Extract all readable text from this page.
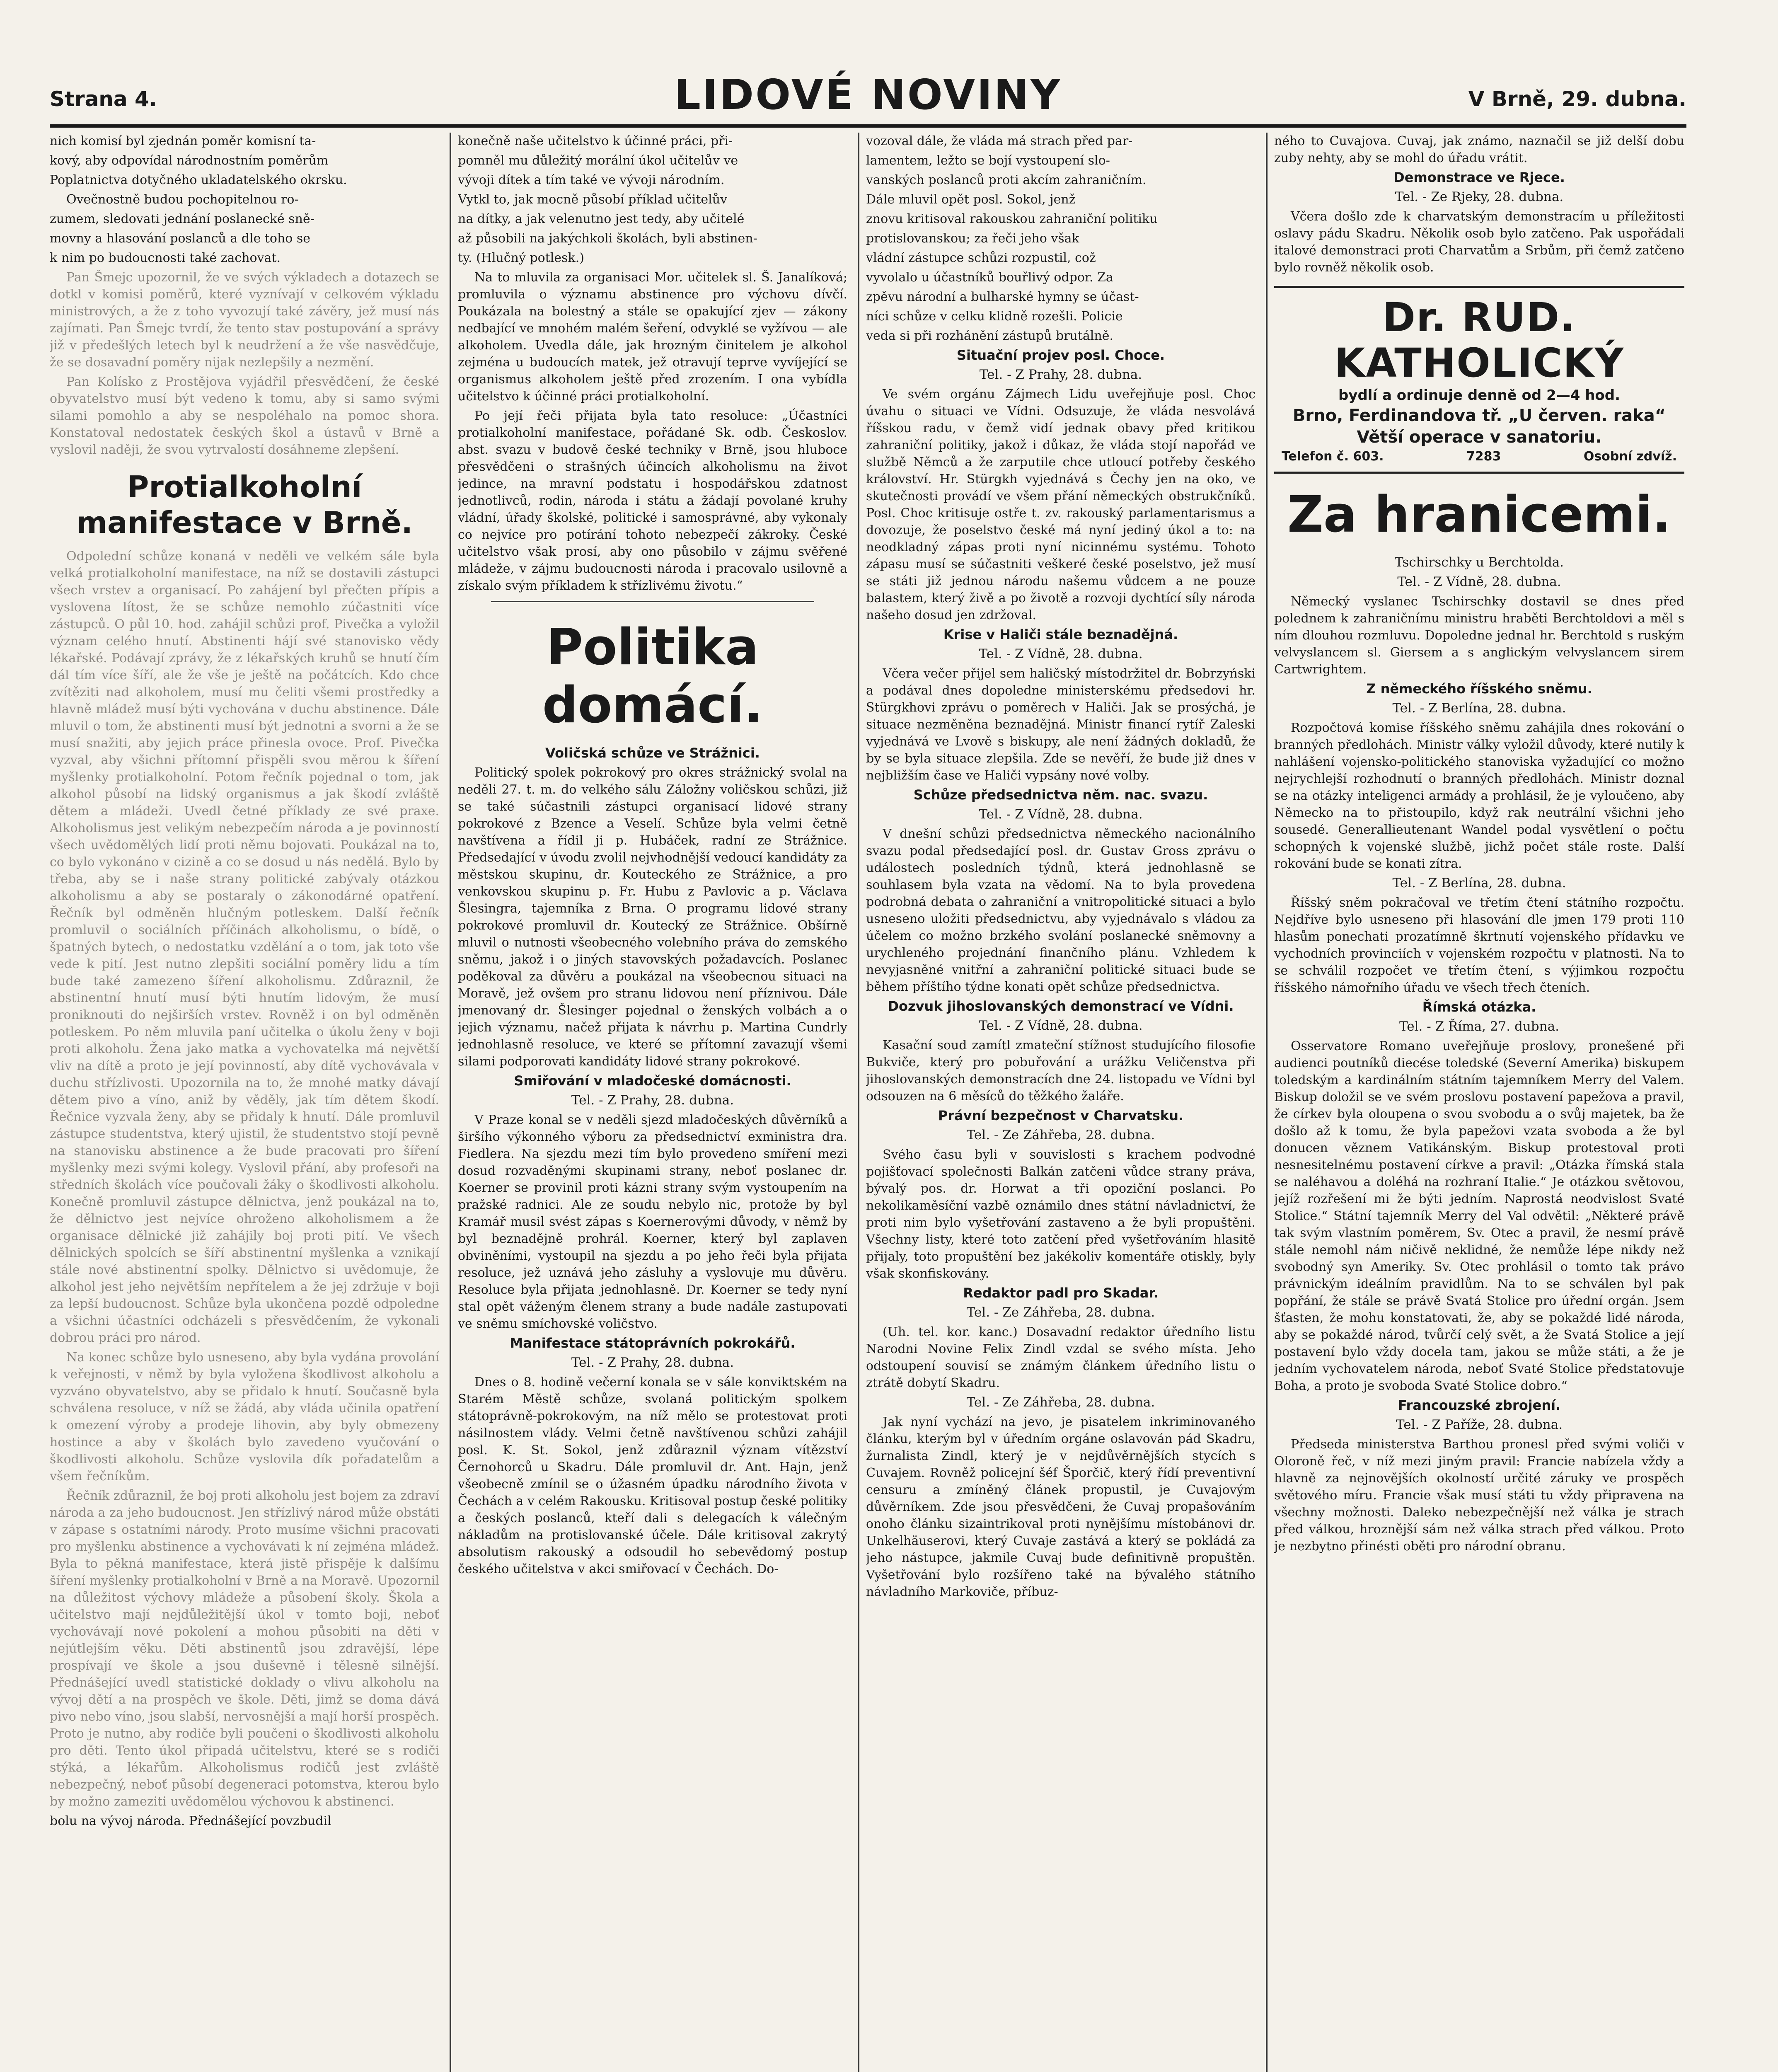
Strana 4.	LIDOVÉ NOVINY	V Brně, 29. dubna.

nich komisí byl zjednán poměr komisní ta-

kový, aby odpovídal národnostním poměrům

Poplatnictva dotyčného ukladatelského okrsku.

Ovečnostně budou pochopitelnou ro-

zumem, sledovati jednání poslanecké sně-

movny a hlasování poslanců a dle toho se

k nim po budoucnosti také zachovat.

Pan Šmejc upozornil, že ve svých výkladech a dotazech se dotkl v komisi poměrů, které vyznívají v celkovém výkladu ministrových, a že z toho vyvozují také závěry, jež musí nás zajímati. Pan Šmejc tvrdí, že tento stav postupování a správy již v předešlých letech byl k neudržení a že vše nasvědčuje, že se dosavadní poměry nijak nezlepšily a nezmění.

Pan Kolísko z Prostějova vyjádřil přesvědčení, že české obyvatelstvo musí být vedeno k tomu, aby si samo svými silami pomohlo a aby se nespoléhalo na pomoc shora. Konstatoval nedostatek českých škol a ústavů v Brně a vyslovil naději, že svou vytrvalostí dosáhneme zlepšení.

Protialkoholní manifestace v Brně.

Odpolední schůze konaná v neděli ve velkém sále byla velká protialkoholní manifestace, na níž se dostavili zástupci všech vrstev a organisací. Po zahájení byl přečten přípis a vyslovena lítost, že se schůze nemohlo zúčastniti více zástupců. O půl 10. hod. zahájil schůzi prof. Pivečka a vyložil význam celého hnutí. Abstinenti hájí své stanovisko vědy lékařské. Podávají zprávy, že z lékařských kruhů se hnutí čím dál tím více šíří, ale že vše je ještě na počátcích. Kdo chce zvítěziti nad alkoholem, musí mu čeliti všemi prostředky a hlavně mládež musí býti vychována v duchu abstinence. Dále mluvil o tom, že abstinenti musí být jednotni a svorni a že se musí snažiti, aby jejich práce přinesla ovoce. Prof. Pivečka vyzval, aby všichni přítomní přispěli svou měrou k šíření myšlenky protialkoholní. Potom řečník pojednal o tom, jak alkohol působí na lidský organismus a jak škodí zvláště dětem a mládeži. Uvedl četné příklady ze své praxe. Alkoholismus jest velikým nebezpečím národa a je povinností všech uvědomělých lidí proti němu bojovati. Poukázal na to, co bylo vykonáno v cizině a co se dosud u nás nedělá. Bylo by třeba, aby se i naše strany politické zabývaly otázkou alkoholismu a aby se postaraly o zákonodárné opatření. Řečník byl odměněn hlučným potleskem. Další řečník promluvil o sociálních příčinách alkoholismu, o bídě, o špatných bytech, o nedostatku vzdělání a o tom, jak toto vše vede k pití. Jest nutno zlepšiti sociální poměry lidu a tím bude také zamezeno šíření alkoholismu. Zdůraznil, že abstinentní hnutí musí býti hnutím lidovým, že musí proniknouti do nejširších vrstev. Rovněž i on byl odměněn potleskem. Po něm mluvila paní učitelka o úkolu ženy v boji proti alkoholu. Žena jako matka a vychovatelka má největší vliv na dítě a proto je její povinností, aby dítě vychovávala v duchu střízlivosti. Upozornila na to, že mnohé matky dávají dětem pivo a víno, aniž by věděly, jak tím dětem škodí. Řečnice vyzvala ženy, aby se přidaly k hnutí. Dále promluvil zástupce studentstva, který ujistil, že studentstvo stojí pevně na stanovisku abstinence a že bude pracovati pro šíření myšlenky mezi svými kolegy. Vyslovil přání, aby profesoři na středních školách více poučovali žáky o škodlivosti alkoholu. Konečně promluvil zástupce dělnictva, jenž poukázal na to, že dělnictvo jest nejvíce ohroženo alkoholismem a že organisace dělnické již zahájily boj proti pití. Ve všech dělnických spolcích se šíří abstinentní myšlenka a vznikají stále nové abstinentní spolky. Dělnictvo si uvědomuje, že alkohol jest jeho největším nepřítelem a že jej zdržuje v boji za lepší budoucnost. Schůze byla ukončena pozdě odpoledne a všichni účastníci odcházeli s přesvědčením, že vykonali dobrou práci pro národ.

Na konec schůze bylo usneseno, aby byla vydána provolání k veřejnosti, v němž by byla vyložena škodlivost alkoholu a vyzváno obyvatelstvo, aby se přidalo k hnutí. Současně byla schválena resoluce, v níž se žádá, aby vláda učinila opatření k omezení výroby a prodeje lihovin, aby byly obmezeny hostince a aby v školách bylo zavedeno vyučování o škodlivosti alkoholu. Schůze vyslovila dík pořadatelům a všem řečníkům.

Řečník zdůraznil, že boj proti alkoholu jest bojem za zdraví národa a za jeho budoucnost. Jen střízlivý národ může obstáti v zápase s ostatními národy. Proto musíme všichni pracovati pro myšlenku abstinence a vychovávati k ní zejména mládež. Byla to pěkná manifestace, která jistě přispěje k dalšímu šíření myšlenky protialkoholní v Brně a na Moravě. Upozornil na důležitost výchovy mládeže a působení školy. Škola a učitelstvo mají nejdůležitější úkol v tomto boji, neboť vychovávají nové pokolení a mohou působiti na děti v nejútlejším věku. Děti abstinentů jsou zdravější, lépe prospívají ve škole a jsou duševně i tělesně silnější. Přednášející uvedl statistické doklady o vlivu alkoholu na vývoj dětí a na prospěch ve škole. Děti, jimž se doma dává pivo nebo víno, jsou slabší, nervosnější a mají horší prospěch. Proto je nutno, aby rodiče byli poučeni o škodlivosti alkoholu pro děti. Tento úkol připadá učitelstvu, které se s rodiči stýká, a lékařům. Alkoholismus rodičů jest zvláště nebezpečný, neboť působí degeneraci potomstva, kterou bylo by možno zameziti uvědomělou výchovou k abstinenci.

bolu na vývoj národa. Přednášející povzbudil

konečně naše učitelstvo k účinné práci, při-

pomněl mu důležitý morální úkol učitelův ve

vývoji dítek a tím také ve vývoji národním.

Vytkl to, jak mocně působí příklad učitelův

na dítky, a jak velenutno jest tedy, aby učitelé

až působili na jakýchkoli školách, byli abstinen-

ty. (Hlučný potlesk.)

Na to mluvila za organisaci Mor. učitelek sl. Š. Janalíková; promluvila o významu abstinence pro výchovu dívčí. Poukázala na bolestný a stále se opakující zjev — zákony nedbající ve mnohém malém šeření, odvyklé se vyžívou — ale alkoholem. Uvedla dále, jak hrozným činitelem je alkohol zejména u budoucích matek, jež otravují teprve vyvíjející se organismus alkoholem ještě před zrozením. I ona vybídla učitelstvo k účinné práci protialkoholní.

Po její řeči přijata byla tato resoluce: „Účastníci protialkoholní manifestace, pořádané Sk. odb. Českoslov. abst. svazu v budově české techniky v Brně, jsou hluboce přesvědčeni o strašných účincích alkoholismu na život jedince, na mravní podstatu i hospodářskou zdatnost jednotlivců, rodin, národa i státu a žádají povolané kruhy vládní, úřady školské, politické i samosprávné, aby vykonaly co nejvíce pro potírání tohoto nebezpečí zákroky. České učitelstvo však prosí, aby ono působilo v zájmu svěřené mládeže, v zájmu budoucnosti národa i pracovalo usilovně a získalo svým příkladem k střízlivému životu.“

Politika domácí.

Voličská schůze ve Strážnici.

Politický spolek pokrokový pro okres strážnický svolal na neděli 27. t. m. do velkého sálu Záložny voličskou schůzi, již se také súčastnili zástupci organisací lidové strany pokrokové z Bzence a Veselí. Schůze byla velmi četně navštívena a řídil ji p. Hubáček, radní ze Strážnice. Předsedající v úvodu zvolil nejvhodnější vedoucí kandidáty za městskou skupinu, dr. Kouteckého ze Strážnice, a pro venkovskou skupinu p. Fr. Hubu z Pavlovic a p. Václava Šlesingra, tajemníka z Brna. O programu lidové strany pokrokové promluvil dr. Koutecký ze Strážnice. Obšírně mluvil o nutnosti všeobecného volebního práva do zemského sněmu, jakož i o jiných stavovských požadavcích. Poslanec poděkoval za důvěru a poukázal na všeobecnou situaci na Moravě, jež ovšem pro stranu lidovou není příznivou. Dále jmenovaný dr. Šlesinger pojednal o ženských volbách a o jejich významu, načež přijata k návrhu p. Martina Cundrly jednohlasně resoluce, ve které se přítomní zavazují všemi silami podporovati kandidáty lidové strany pokrokové.

Smiřování v mladočeské domácnosti.

Tel. - Z Prahy, 28. dubna.

V Praze konal se v neděli sjezd mladočeských důvěrníků a širšího výkonného výboru za předsednictví exministra dra. Fiedlera. Na sjezdu mezi tím bylo provedeno smíření mezi dosud rozvaděnými skupinami strany, neboť poslanec dr. Koerner se provinil proti kázni strany svým vystoupením na pražské radnici. Ale ze soudu nebylo nic, protože by byl Kramář musil svést zápas s Koernerovými důvody, v němž by byl beznadějně prohrál. Koerner, který byl zaplaven obviněními, vystoupil na sjezdu a po jeho řeči byla přijata resoluce, jež uznává jeho zásluhy a vyslovuje mu důvěru. Resoluce byla přijata jednohlasně. Dr. Koerner se tedy nyní stal opět váženým členem strany a bude nadále zastupovati ve sněmu smíchovské voličstvo.

Manifestace státoprávních pokrokářů.

Tel. - Z Prahy, 28. dubna.

Dnes o 8. hodině večerní konala se v sále konviktském na Starém Městě schůze, svolaná politickým spolkem státoprávně-pokrokovým, na níž mělo se protestovat proti násilnostem vlády. Velmi četně navštívenou schůzi zahájil posl. K. St. Sokol, jenž zdůraznil význam vítězství Černohorců u Skadru. Dále promluvil dr. Ant. Hajn, jenž všeobecně zmínil se o úžasném úpadku národního života v Čechách a v celém Rakousku. Kritisoval postup české politiky a českých poslanců, kteří dali s delegacích k válečným nákladům na protislovanské účele. Dále kritisoval zakrytý absolutism rakouský a odsoudil ho sebevědomý postup českého učitelstva v akci smiřovací v Čechách. Do-

vozoval dále, že vláda má strach před par-

lamentem, ležto se bojí vystoupení slo-

vanských poslanců proti akcím zahraničním.

Dále mluvil opět posl. Sokol, jenž

znovu kritisoval rakouskou zahraniční politiku

protislovanskou; za řeči jeho však

vládní zástupce schůzi rozpustil, což

vyvolalo u účastníků bouřlivý odpor. Za

zpěvu národní a bulharské hymny se účast-

níci schůze v celku klidně rozešli. Policie

veda si při rozhánění zástupů brutálně.

Situační projev posl. Choce.

Tel. - Z Prahy, 28. dubna.

Ve svém orgánu Zájmech Lidu uveřejňuje posl. Choc úvahu o situaci ve Vídni. Odsuzuje, že vláda nesvolává říšskou radu, v čemž vidí jednak obavy před kritikou zahraniční politiky, jakož i důkaz, že vláda stojí napořád ve službě Němců a že zarputile chce utloucí potřeby českého království. Hr. Stürgkh vyjednává s Čechy jen na oko, ve skutečnosti provádí ve všem přání německých obstrukčníků. Posl. Choc kritisuje ostře t. zv. rakouský parlamentarismus a dovozuje, že poselstvo české má nyní jediný úkol a to: na neodkladný zápas proti nyní nicinnému systému. Tohoto zápasu musí se súčastniti veškeré české poselstvo, jež musí se státi již jednou národu našemu vůdcem a ne pouze balastem, který živě a po životě a rozvoji dychtící síly národa našeho dosud jen zdržoval.

Krise v Haliči stále beznadějná.

Tel. - Z Vídně, 28. dubna.

Včera večer přijel sem haličský místodržitel dr. Bobrzyński a podával dnes dopoledne ministerskému předsedovi hr. Stürgkhovi zprávu o poměrech v Haliči. Jak se prosýchá, je situace nezměněna beznadějná. Ministr financí rytíř Zaleski vyjednává ve Lvově s biskupy, ale není žádných dokladů, že by se byla situace zlepšila. Zde se nevěří, že bude již dnes v nejbližším čase ve Haliči vypsány nové volby.

Schůze předsednictva něm. nac. svazu.

Tel. - Z Vídně, 28. dubna.

V dnešní schůzi předsednictva německého nacionálního svazu podal předsedající posl. dr. Gustav Gross zprávu o událostech posledních týdnů, která jednohlasně se souhlasem byla vzata na vědomí. Na to byla provedena podrobná debata o zahraniční a vnitropolitické situaci a bylo usneseno uložiti předsednictvu, aby vyjednávalo s vládou za účelem co možno brzkého svolání poslanecké sněmovny a urychleného projednání finančního plánu. Vzhledem k nevyjasněné vnitřní a zahraniční politické situaci bude se během příštího týdne konati opět schůze předsednictva.

Dozvuk jihoslovanských demonstrací ve Vídni.

Tel. - Z Vídně, 28. dubna.

Kasační soud zamítl zmateční stížnost studujícího filosofie Bukviče, který pro pobuřování a urážku Veličenstva při jihoslovanských demonstracích dne 24. listopadu ve Vídni byl odsouzen na 6 měsíců do těžkého žaláře.

Právní bezpečnost v Charvatsku.

Tel. - Ze Záhřeba, 28. dubna.

Svého času byli v souvislosti s krachem podvodné pojišťovací společnosti Balkán zatčeni vůdce strany práva, bývalý pos. dr. Horwat a tři opoziční poslanci. Po nekolikaměsíční vazbě oznámilo dnes státní návladnictví, že proti nim bylo vyšetřování zastaveno a že byli propuštěni. Všechny listy, které toto zatčení před vyšetřováním hlasitě přijaly, toto propuštění bez jakékoliv komentáře otiskly, byly však skonfiskovány.

Redaktor padl pro Skadar.

Tel. - Ze Záhřeba, 28. dubna.

(Uh. tel. kor. kanc.) Dosavadní redaktor úředního listu Narodni Novine Felix Zindl vzdal se svého místa. Jeho odstoupení souvisí se známým článkem úředního listu o ztrátě dobytí Skadru.

Tel. - Ze Záhřeba, 28. dubna.

Jak nyní vychází na jevo, je pisatelem inkriminovaného článku, kterým byl v úředním orgáne oslavován pád Skadru, žurnalista Zindl, který je v nejdůvěrnějších stycích s Cuvajem. Rovněž policejní šéf Šporčič, který řídí preventivní censuru a zmíněný článek propustil, je Cuvajovým důvěrníkem. Zde jsou přesvědčeni, že Cuvaj propašováním onoho článku sizaintrikoval proti nynějšímu místobánovi dr. Unkelhäuserovi, který Cuvaje zastává a který se pokládá za jeho nástupce, jakmile Cuvaj bude definitivně propuštěn. Vyšetřování bylo rozšířeno také na bývalého státního návladního Markoviče, příbuz-

ného to Cuvajova. Cuvaj, jak známo, naznačil se již delší dobu zuby nehty, aby se mohl do úřadu vrátit.

Demonstrace ve Rjece.

Tel. - Ze Rjeky, 28. dubna.

Včera došlo zde k charvatským demonstracím u příležitosti oslavy pádu Skadru. Několik osob bylo zatčeno. Pak uspořádali italové demonstraci proti Charvatům a Srbům, při čemž zatčeno bylo rovněž několik osob.

Dr. RUD. KATHOLICKÝ
bydlí a ordinuje denně od 2—4 hod.
Brno, Ferdinandova tř. „U červen. raka“
Větší operace v sanatoriu.
Telefon č. 603.	7283	Osobní zdvíž.
Za hranicemi.

Tschirschky u Berchtolda.

Tel. - Z Vídně, 28. dubna.

Německý vyslanec Tschirschky dostavil se dnes před polednem k zahraničnímu ministru hraběti Berchtoldovi a měl s ním dlouhou rozmluvu. Dopoledne jednal hr. Berchtold s ruským velvyslancem sl. Giersem a s anglickým velvyslancem sirem Cartwrightem.

Z německého říšského sněmu.

Tel. - Z Berlína, 28. dubna.

Rozpočtová komise říšského sněmu zahájila dnes rokování o branných předlohách. Ministr války vyložil důvody, které nutily k nahlášení vojensko-politického stanoviska vyžadující co možno nejrychlejší rozhodnutí o branných předlohách. Ministr doznal se na otázky inteligenci armády a prohlásil, že je vyloučeno, aby Německo na to přistoupilo, když rak neutrální všichni jeho sousedé. Generallieutenant Wandel podal vysvětlení o počtu schopných k vojenské službě, jichž počet stále roste. Další rokování bude se konati zítra.

Tel. - Z Berlína, 28. dubna.

Říšský sněm pokračoval ve třetím čtení státního rozpočtu. Nejdříve bylo usneseno při hlasování dle jmen 179 proti 110 hlasům ponechati prozatímně škrtnutí vojenského přídavku ve vychodních provinciích v vojenském rozpočtu v platnosti. Na to se schválil rozpočet ve třetím čtení, s výjimkou rozpočtu říšského námořního úřadu ve všech třech čteních.

Římská otázka.

Tel. - Z Říma, 27. dubna.

Osservatore Romano uveřejňuje proslovy, pronešené při audienci poutníků diecése toledské (Severní Amerika) biskupem toledským a kardinálním státním tajemníkem Merry del Valem. Biskup doložil se ve svém proslovu postavení papežova a pravil, že církev byla oloupena o svou svobodu a o svůj majetek, ba že došlo až k tomu, že byla papežovi vzata svoboda a že byl donucen věznem Vatikánským. Biskup protestoval proti nesnesitelnému postavení církve a pravil: „Otázka římská stala se naléhavou a doléhá na rozhraní Italie.“ Je otázkou světovou, jejíž rozřešení mi že býti jedním. Naprostá neodvislost Svaté Stolice.“ Státní tajemník Merry del Val odvětil: „Některé právě tak svým vlastním poměrem, Sv. Otec a pravil, že nesmí právě stále nemohl nám ničivě neklidné, že nemůže lépe nikdy než svobodný syn Ameriky. Sv. Otec prohlásil o tomto tak právo právnickým ideálním pravidlům. Na to se schválen byl pak popřání, že stále se právě Svatá Stolice pro úřední orgán. Jsem šťasten, že mohu konstatovati, že, aby se pokaždé lidé národa, aby se pokaždé národ, tvůrčí celý svět, a že Svatá Stolice a její postavení bylo vždy docela tam, jakou se může státi, a že je jedním vychovatelem národa, neboť Svaté Stolice předstatovuje Boha, a proto je svoboda Svaté Stolice dobro.“

Francouzské zbrojení.

Tel. - Z Paříže, 28. dubna.

Předseda ministerstva Barthou pronesl před svými voliči v Oloroně řeč, v níž mezi jiným pravil: Francie nabízela vždy a hlavně za nejnovějších okolností určité záruky ve prospěch světového míru. Francie však musí státi tu vždy připravena na všechny možnosti. Daleko nebezpečnější než válka je strach před válkou, hroznější sám než válka strach před válkou. Proto je nezbytno přinésti oběti pro národní obranu.
